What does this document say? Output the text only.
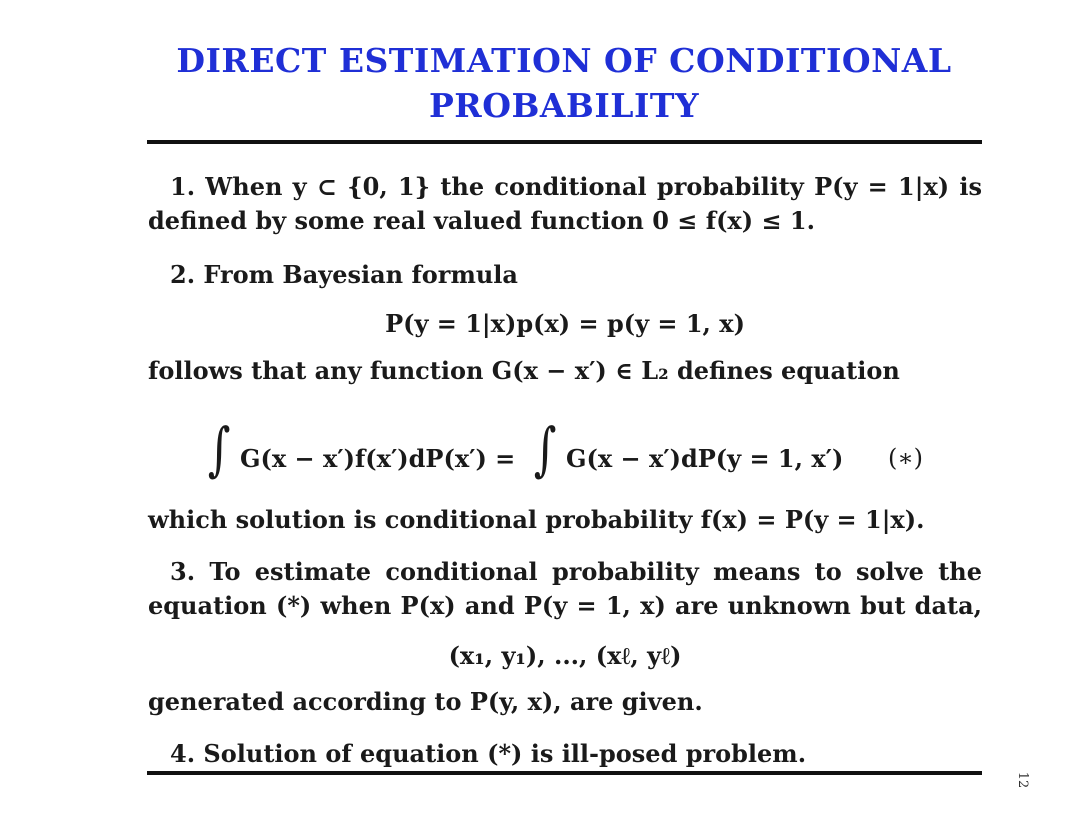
DIRECT ESTIMATION OF CONDITIONAL
PROBABILITY
1. When y ⊂ {0, 1} the conditional probability P(y = 1|x) is
defined by some real valued function 0 ≤ f(x) ≤ 1.
2. From Bayesian formula
P(y = 1|x)p(x) = p(y = 1, x)
follows that any function G(x − x′) ∈ L₂ defines equation
∫ G(x − x′)f(x′)dP(x′) = ∫ G(x − x′)dP(y = 1, x′) (∗)
which solution is conditional probability f(x) = P(y = 1|x).
3. To estimate conditional probability means to solve the
equation (*) when P(x) and P(y = 1, x) are unknown but data,
(x₁, y₁), ..., (xℓ, yℓ)
generated according to P(y, x), are given.
4. Solution of equation (*) is ill-posed problem.
12
